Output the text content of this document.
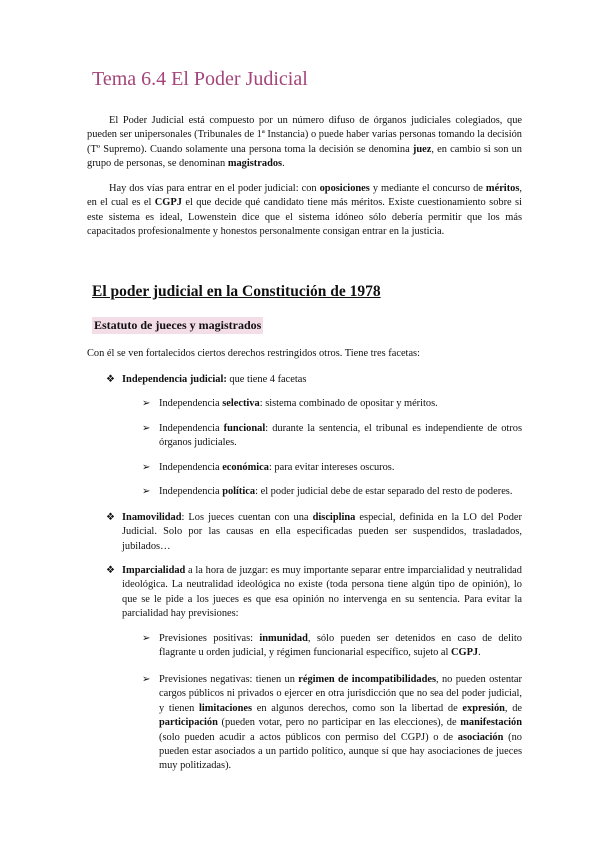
Tema 6.4 El Poder Judicial
El Poder Judicial está compuesto por un número difuso de órganos judiciales colegiados, que pueden ser unipersonales (Tribunales de 1ª Instancia) o puede haber varias personas tomando la decisión (Tº Supremo). Cuando solamente una persona toma la decisión se denomina juez, en cambio si son un grupo de personas, se denominan magistrados.
Hay dos vías para entrar en el poder judicial: con oposiciones y mediante el concurso de méritos, en el cual es el CGPJ el que decide qué candidato tiene más méritos. Existe cuestionamiento sobre si este sistema es ideal, Lowenstein dice que el sistema idóneo sólo debería permitir que los más capacitados profesionalmente y honestos personalmente consigan entrar en la justicia.
El poder judicial en la Constitución de 1978
Estatuto de jueces y magistrados
Con él se ven fortalecidos ciertos derechos restringidos otros. Tiene tres facetas:
❖ Independencia judicial: que tiene 4 facetas
➢ Independencia selectiva: sistema combinado de opositar y méritos.
➢ Independencia funcional: durante la sentencia, el tribunal es independiente de otros órganos judiciales.
➢ Independencia económica: para evitar intereses oscuros.
➢ Independencia política: el poder judicial debe de estar separado del resto de poderes.
❖ Inamovilidad: Los jueces cuentan con una disciplina especial, definida en la LO del Poder Judicial. Solo por las causas en ella especificadas pueden ser suspendidos, trasladados, jubilados…
❖ Imparcialidad a la hora de juzgar: es muy importante separar entre imparcialidad y neutralidad ideológica. La neutralidad ideológica no existe (toda persona tiene algún tipo de opinión), lo que se le pide a los jueces es que esa opinión no intervenga en su sentencia. Para evitar la parcialidad hay previsiones:
➢ Previsiones positivas: inmunidad, sólo pueden ser detenidos en caso de delito flagrante u orden judicial, y régimen funcionarial específico, sujeto al CGPJ.
➢ Previsiones negativas: tienen un régimen de incompatibilidades, no pueden ostentar cargos públicos ni privados o ejercer en otra jurisdicción que no sea del poder judicial, y tienen limitaciones en algunos derechos, como son la libertad de expresión, de participación (pueden votar, pero no participar en las elecciones), de manifestación (solo pueden acudir a actos públicos con permiso del CGPJ) o de asociación (no pueden estar asociados a un partido político, aunque sí que hay asociaciones de jueces muy politizadas).
